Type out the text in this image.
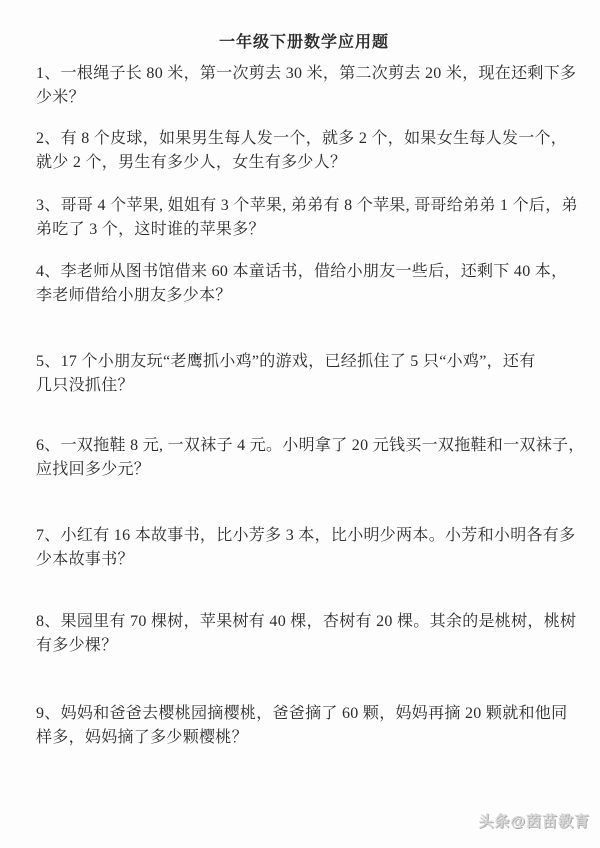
一年级下册数学应用题

1、一根绳子长 80 米，第一次剪去 30 米，第二次剪去 20 米，现在还剩下多
少米？

2、有 8 个皮球，如果男生每人发一个，就多 2 个，如果女生每人发一个，
就少 2 个，男生有多少人，女生有多少人？

3、哥哥 4 个苹果, 姐姐有 3 个苹果, 弟弟有 8 个苹果, 哥哥给弟弟 1 个后，弟
弟吃了 3 个，这时谁的苹果多？

4、李老师从图书馆借来 60 本童话书，借给小朋友一些后，还剩下 40 本，
李老师借给小朋友多少本？

5、17 个小朋友玩“老鹰抓小鸡”的游戏，已经抓住了 5 只“小鸡”，还有
几只没抓住？

6、一双拖鞋 8 元, 一双袜子 4 元。小明拿了 20 元钱买一双拖鞋和一双袜子，
应找回多少元？

7、小红有 16 本故事书，比小芳多 3 本，比小明少两本。小芳和小明各有多
少本故事书？

8、果园里有 70 棵树，苹果树有 40 棵，杏树有 20 棵。其余的是桃树，桃树
有多少棵？

9、妈妈和爸爸去樱桃园摘樱桃，爸爸摘了 60 颗，妈妈再摘 20 颗就和他同
样多，妈妈摘了多少颗樱桃？

头条@茵苗教育
